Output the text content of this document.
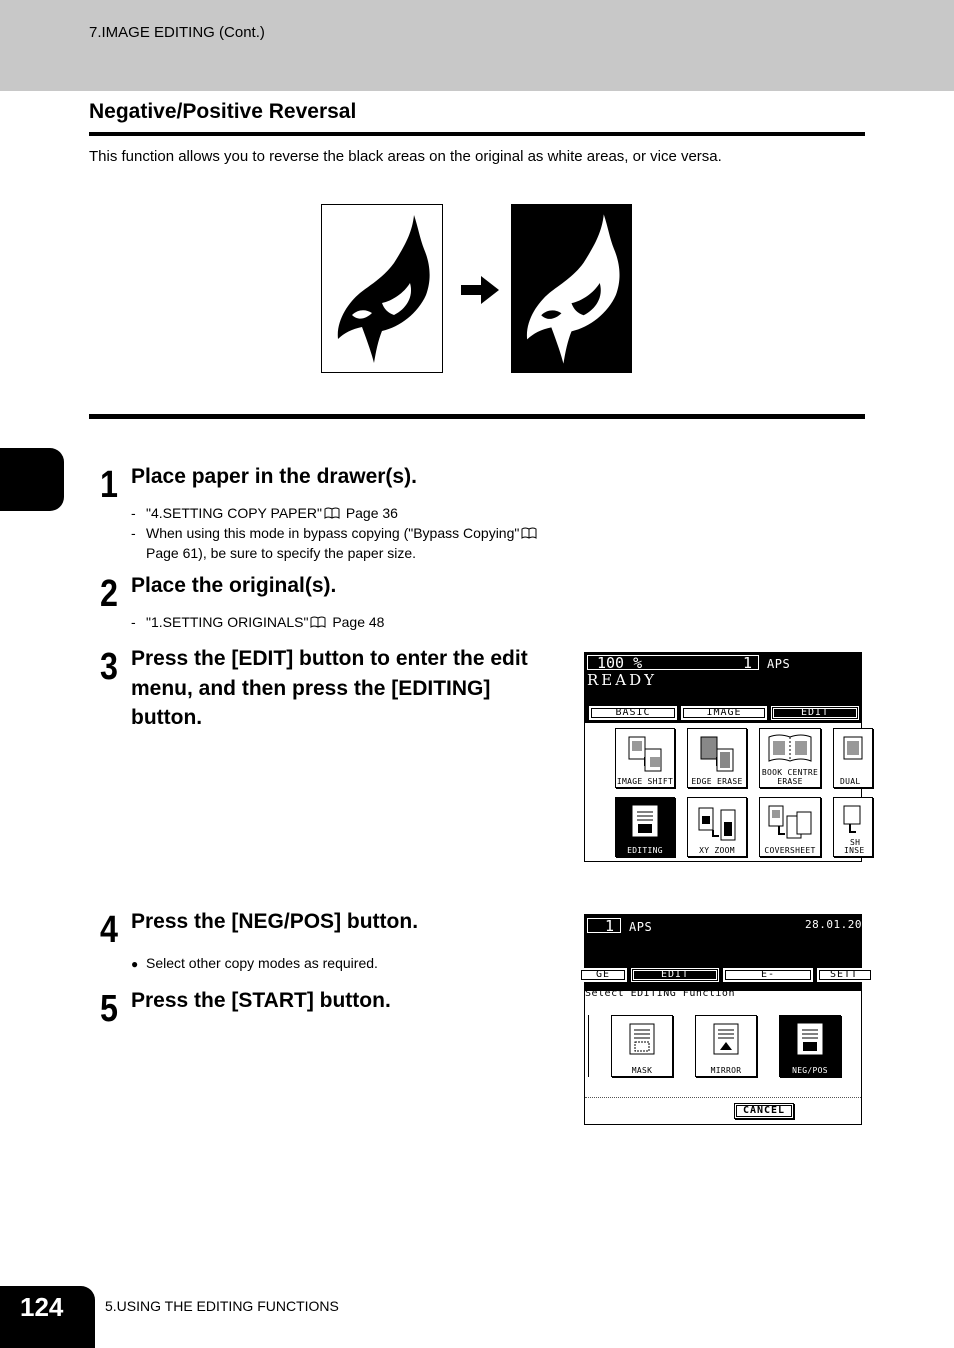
7.IMAGE EDITING (Cont.)
Negative/Positive Reversal
This function allows you to reverse the black areas on the original as white areas, or vice versa.
1 Place paper in the drawer(s).
- "4.SETTING COPY PAPER" Page 36
- When using this mode in bypass copying ("Bypass Copying"
Page 61), be sure to specify the paper size.
2 Place the original(s).
- "1.SETTING ORIGINALS" Page 48
3 Press the [EDIT] button to enter the edit
menu, and then press the [EDITING]
button.
100 %	1 APS
READY
BASIC	IMAGE	EDIT
IMAGE SHIFT	EDGE ERASE
BOOK CENTRE
ERASE	DUAL
EDITING	XY ZOOM	COVERSHEET
SH
INSE
4 Press the [NEG/POS] button.
● Select other copy modes as required.
5 Press the [START] button.
1 APS	28.01.20
GE	EDIT	E-FILING/FILE
SETT
Select EDITING Function
MASK	MIRROR	NEG/POS
CANCEL
124	5.USING THE EDITING FUNCTIONS
